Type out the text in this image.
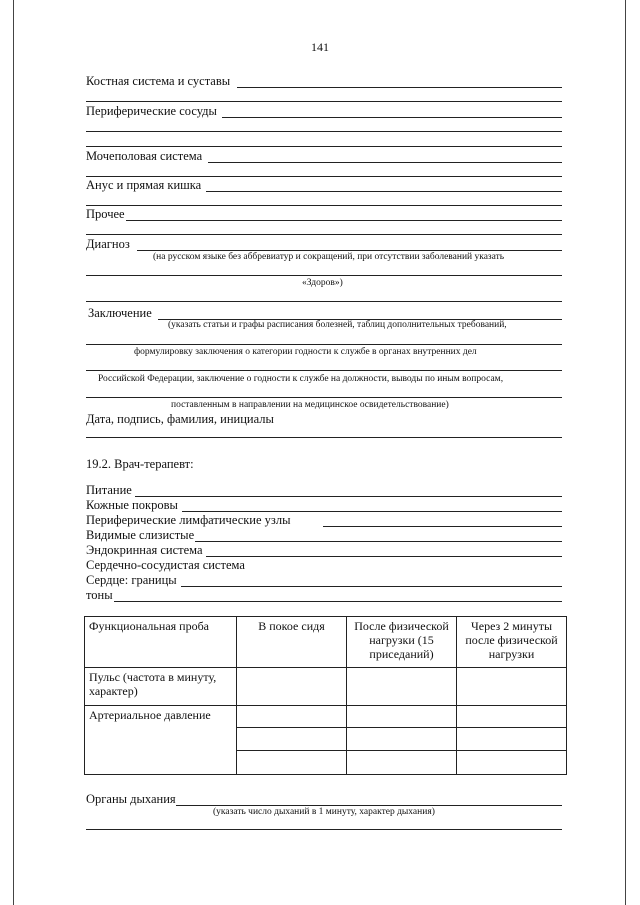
141
Костная система и суставы
Периферические сосуды
Мочеполовая система
Анус и прямая кишка
Прочее
Диагноз
(на русском языке без аббревиатур и сокращений, при отсутствии заболеваний указать
«Здоров»)
Заключение
(указать статьи и графы расписания болезней, таблиц дополнительных требований,
формулировку заключения о категории годности к службе в органах внутренних дел
Российской Федерации, заключение о годности к службе на должности, выводы по иным вопросам,
поставленным в направлении на медицинское освидетельствование)
Дата, подпись, фамилия, инициалы
19.2. Врач-терапевт:
Питание
Кожные покровы
Периферические лимфатические узлы
Видимые слизистые
Эндокринная система
Сердечно-сосудистая система
Сердце: границы
тоны
Функциональная проба	В покое сидя	После физической нагрузки (15 приседаний)	Через 2 минуты после физической нагрузки
Пульс (частота в минуту, характер)			
Артериальное давление			

Органы дыхания
(указать число дыханий в 1 минуту, характер дыхания)
